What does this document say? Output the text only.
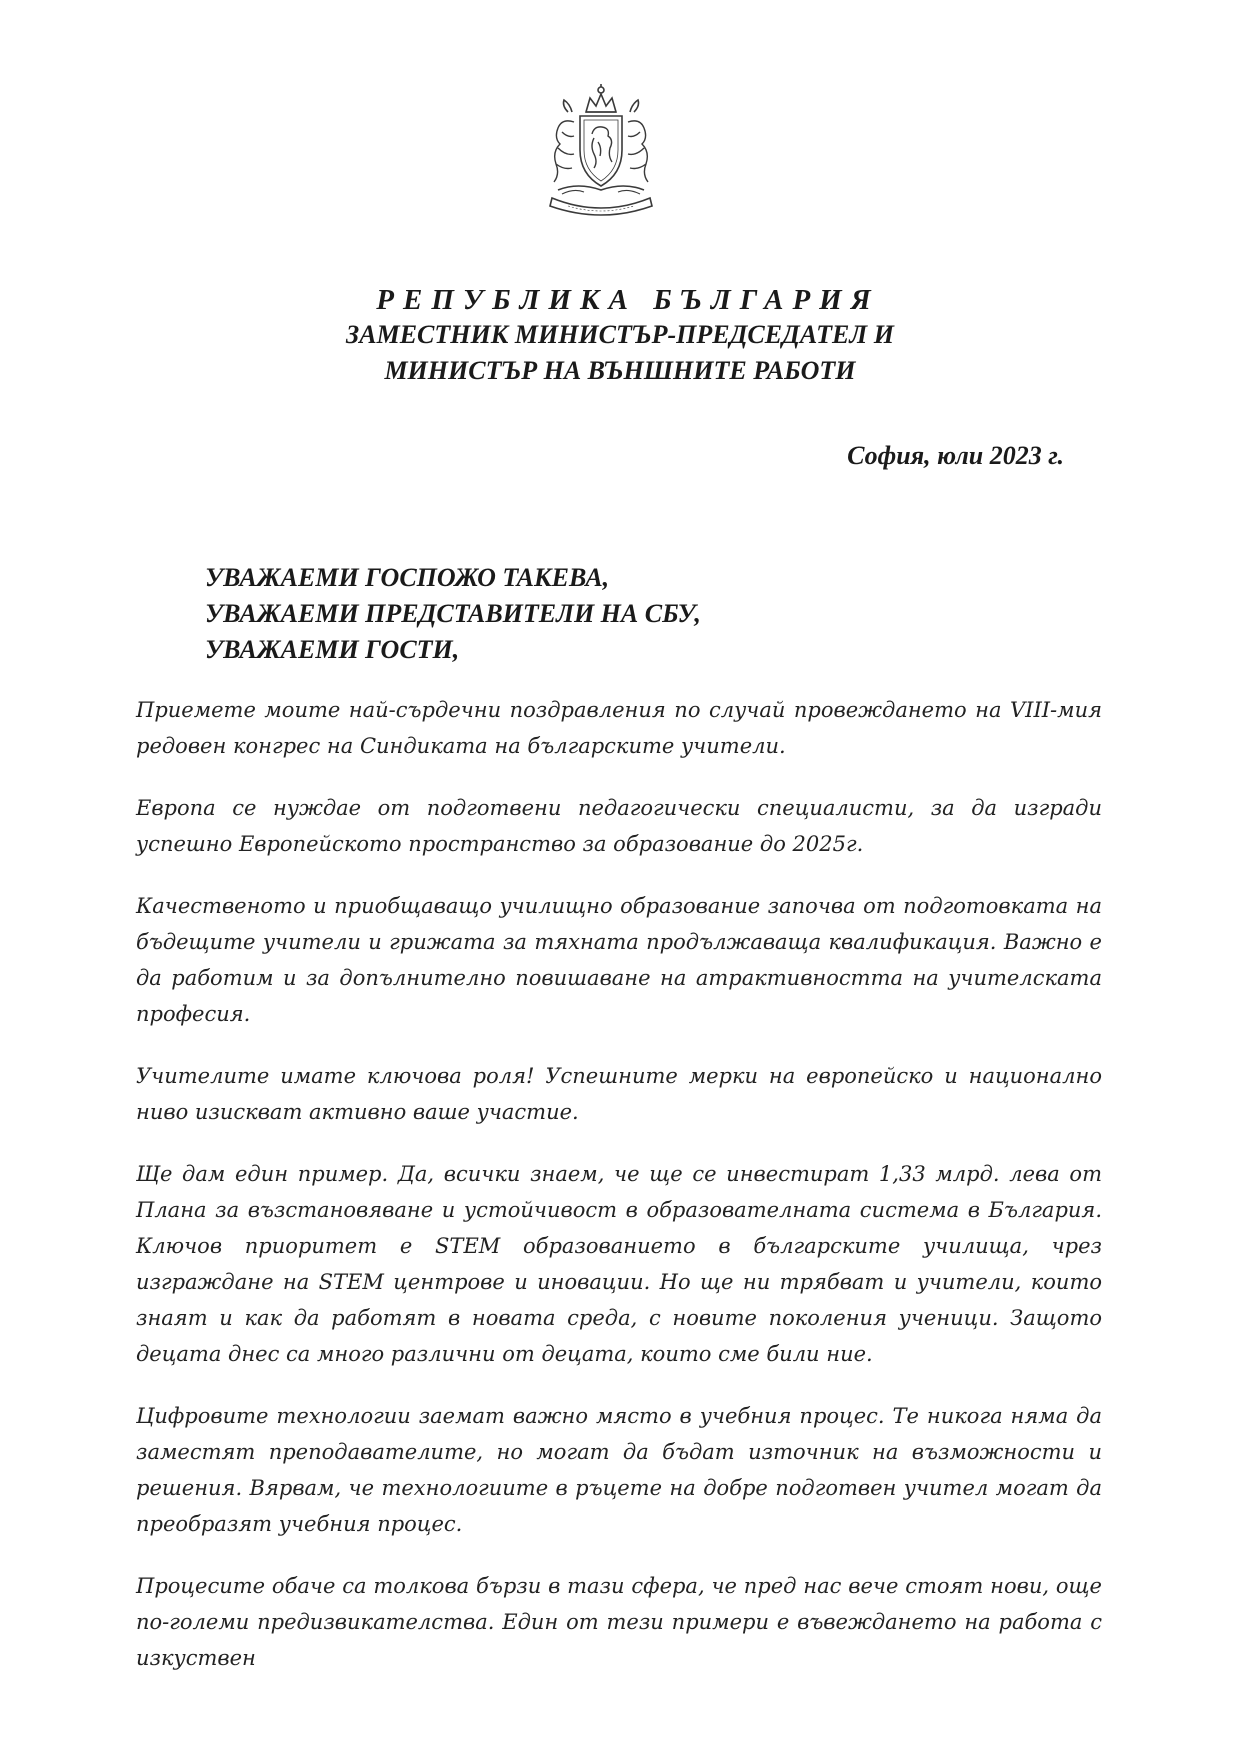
РЕПУБЛИКА БЪЛГАРИЯ
ЗАМЕСТНИК МИНИСТЪР-ПРЕДСЕДАТЕЛ И
МИНИСТЪР НА ВЪНШНИТЕ РАБОТИ
София, юли 2023 г.
УВАЖАЕМИ ГОСПОЖО ТАКЕВА,
УВАЖАЕМИ ПРЕДСТАВИТЕЛИ НА СБУ,
УВАЖАЕМИ ГОСТИ,

Приемете моите най-сърдечни поздравления по случай провеждането на VIII-мия редовен конгрес на Синдиката на българските учители.

Европа се нуждае от подготвени педагогически специалисти, за да изгради успешно Европейското пространство за образование до 2025г.

Качественото и приобщаващо училищно образование започва от подготовката на бъдещите учители и грижата за тяхната продължаваща квалификация. Важно е да работим и за допълнително повишаване на атрактивността на учителската професия.

Учителите имате ключова роля! Успешните мерки на европейско и национално ниво изискват активно ваше участие.

Ще дам един пример. Да, всички знаем, че ще се инвестират 1,33 млрд. лева от Плана за възстановяване и устойчивост в образователната система в България. Ключов приоритет е STEM образованието в българските училища, чрез изграждане на STEM центрове и иновации. Но ще ни трябват и учители, които знаят и как да работят в новата среда, с новите поколения ученици. Защото децата днес са много различни от децата, които сме били ние.

Цифровите технологии заемат важно място в учебния процес. Те никога няма да заместят преподавателите, но могат да бъдат източник на възможности и решения. Вярвам, че технологиите в ръцете на добре подготвен учител могат да преобразят учебния процес.

Процесите обаче са толкова бързи в тази сфера, че пред нас вече стоят нови, още по-големи предизвикателства. Един от тези примери е въвеждането на работа с изкуствен
